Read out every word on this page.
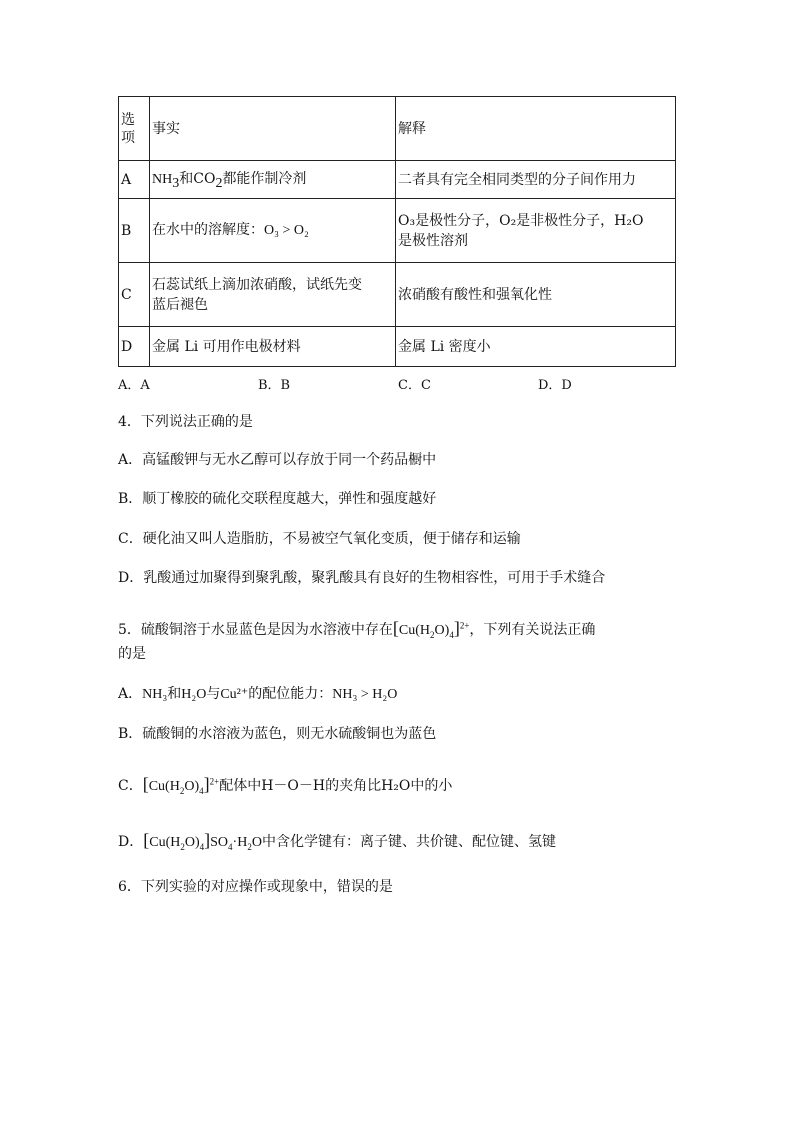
选
项	事实	解释
A	$NH_3$和$CO_2$都能作制冷剂	二者具有完全相同类型的分子间作用力
B	在水中的溶解度：O₃ > O₂	O₃是极性分子，O₂是非极性分子，H₂O
是极性溶剂

C	石蕊试纸上滴加浓硝酸，试纸先变
蓝后褪色	浓硝酸有酸性和强氧化性
D	金属 Li 可用作电极材料	金属 Li 密度小
A．A	B．B	C．C	D．D
4．下列说法正确的是
A．高锰酸钾与无水乙醇可以存放于同一个药品橱中
B．顺丁橡胶的硫化交联程度越大，弹性和强度越好
C．硬化油又叫人造脂肪，不易被空气氧化变质，便于储存和运输
D．乳酸通过加聚得到聚乳酸，聚乳酸具有良好的生物相容性，可用于手术缝合
5．硫酸铜溶于水显蓝色是因为水溶液中存在$[Cu(H_2O)_4]^{2+}$，下列有关说法正确
的是
A．NH₃和H₂O与Cu²⁺的配位能力：NH₃ > H₂O
B．硫酸铜的水溶液为蓝色，则无水硫酸铜也为蓝色
C．$[Cu(H_2O)_4]^{2+}$配体中H－O－H的夹角比H₂O中的小
D．$[Cu(H_2O)_4]SO_4\cdot H_2O$中含化学键有：离子键、共价键、配位键、氢键
6．下列实验的对应操作或现象中，错误的是
